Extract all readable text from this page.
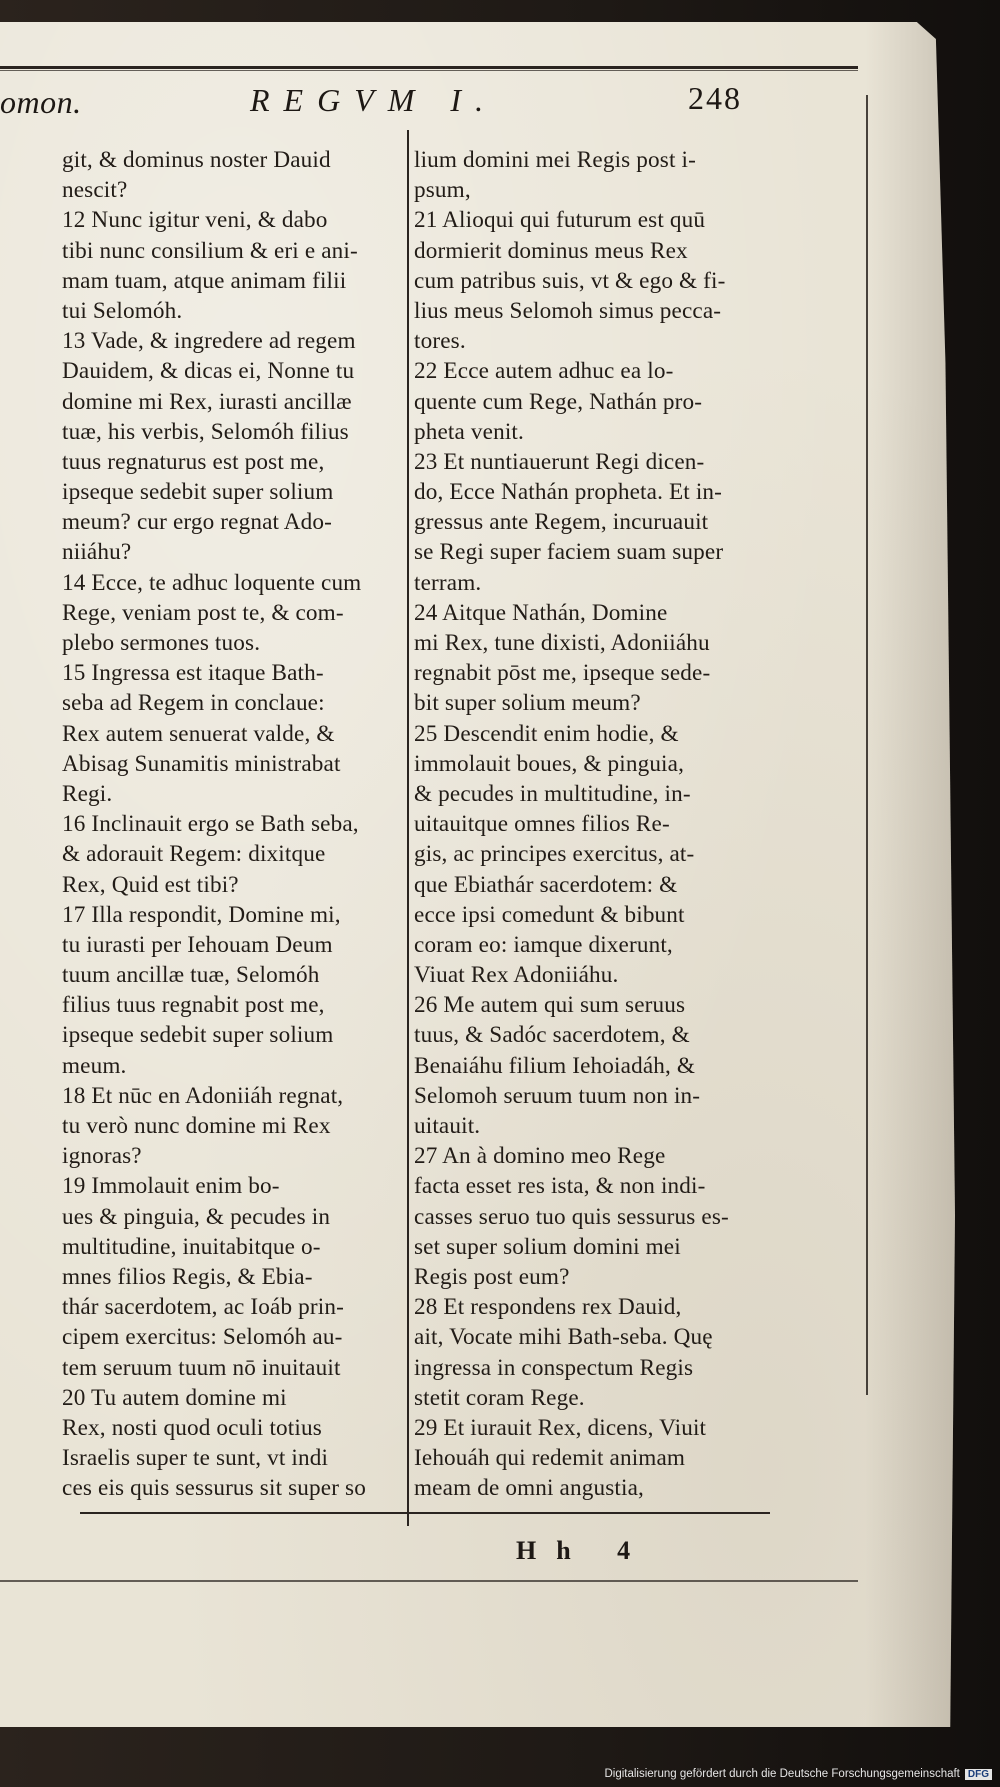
omon.	REGVM I.	248
git, & dominus noster Dauid
nescit?
12 Nunc igitur veni, & dabo
tibi nunc consilium & eri e ani-
mam tuam, atque animam filii
tui Selomóh.
13 Vade, & ingredere ad regem
Dauidem, & dicas ei, Nonne tu
domine mi Rex, iurasti ancillæ
tuæ, his verbis, Selomóh filius
tuus regnaturus est post me,
ipseque sedebit super solium
meum? cur ergo regnat Ado-
niiáhu?
14 Ecce, te adhuc loquente cum
Rege, veniam post te, & com-
plebo sermones tuos.
15 Ingressa est itaque Bath-
seba ad Regem in conclaue:
Rex autem senuerat valde, &
Abisag Sunamitis ministrabat
Regi.
16 Inclinauit ergo se Bath seba,
& adorauit Regem: dixitque
Rex, Quid est tibi?
17 Illa respondit, Domine mi,
tu iurasti per Iehouam Deum
tuum ancillæ tuæ, Selomóh
filius tuus regnabit post me,
ipseque sedebit super solium
meum.
18 Et nūc en Adoniiáh regnat,
tu verò nunc domine mi Rex
ignoras?
19 Immolauit enim bo-
ues & pinguia, & pecudes in
multitudine, inuitabitque o-
mnes filios Regis, & Ebia-
thár sacerdotem, ac Ioáb prin-
cipem exercitus: Selomóh au-
tem seruum tuum nō inuitauit
20 Tu autem domine mi
Rex, nosti quod oculi totius
Israelis super te sunt, vt indi
ces eis quis sessurus sit super so
lium domini mei Regis post i-
psum,
21 Alioqui qui futurum est quū
dormierit dominus meus Rex
cum patribus suis, vt & ego & fi-
lius meus Selomoh simus pecca-
tores.
22 Ecce autem adhuc ea lo-
quente cum Rege, Nathán pro-
pheta venit.
23 Et nuntiauerunt Regi dicen-
do, Ecce Nathán propheta. Et in-
gressus ante Regem, incuruauit
se Regi super faciem suam super
terram.
24 Aitque Nathán, Domine
mi Rex, tune dixisti, Adoniiáhu
regnabit pōst me, ipseque sede-
bit super solium meum?
25 Descendit enim hodie, &
immolauit boues, & pinguia,
& pecudes in multitudine, in-
uitauitque omnes filios Re-
gis, ac principes exercitus, at-
que Ebiathár sacerdotem: &
ecce ipsi comedunt & bibunt
coram eo: iamque dixerunt,
Viuat Rex Adoniiáhu.
26 Me autem qui sum seruus
tuus, & Sadóc sacerdotem, &
Benaiáhu filium Iehoiadáh, &
Selomoh seruum tuum non in-
uitauit.
27 An à domino meo Rege
facta esset res ista, & non indi-
casses seruo tuo quis sessurus es-
set super solium domini mei
Regis post eum?
28 Et respondens rex Dauid,
ait, Vocate mihi Bath-seba. Quę
ingressa in conspectum Regis
stetit coram Rege.
29 Et iurauit Rex, dicens, Viuit
Iehouáh qui redemit animam
meam de omni angustia,
Hh 4
Digitalisierung gefördert durch die Deutsche Forschungsgemeinschaft DFG
